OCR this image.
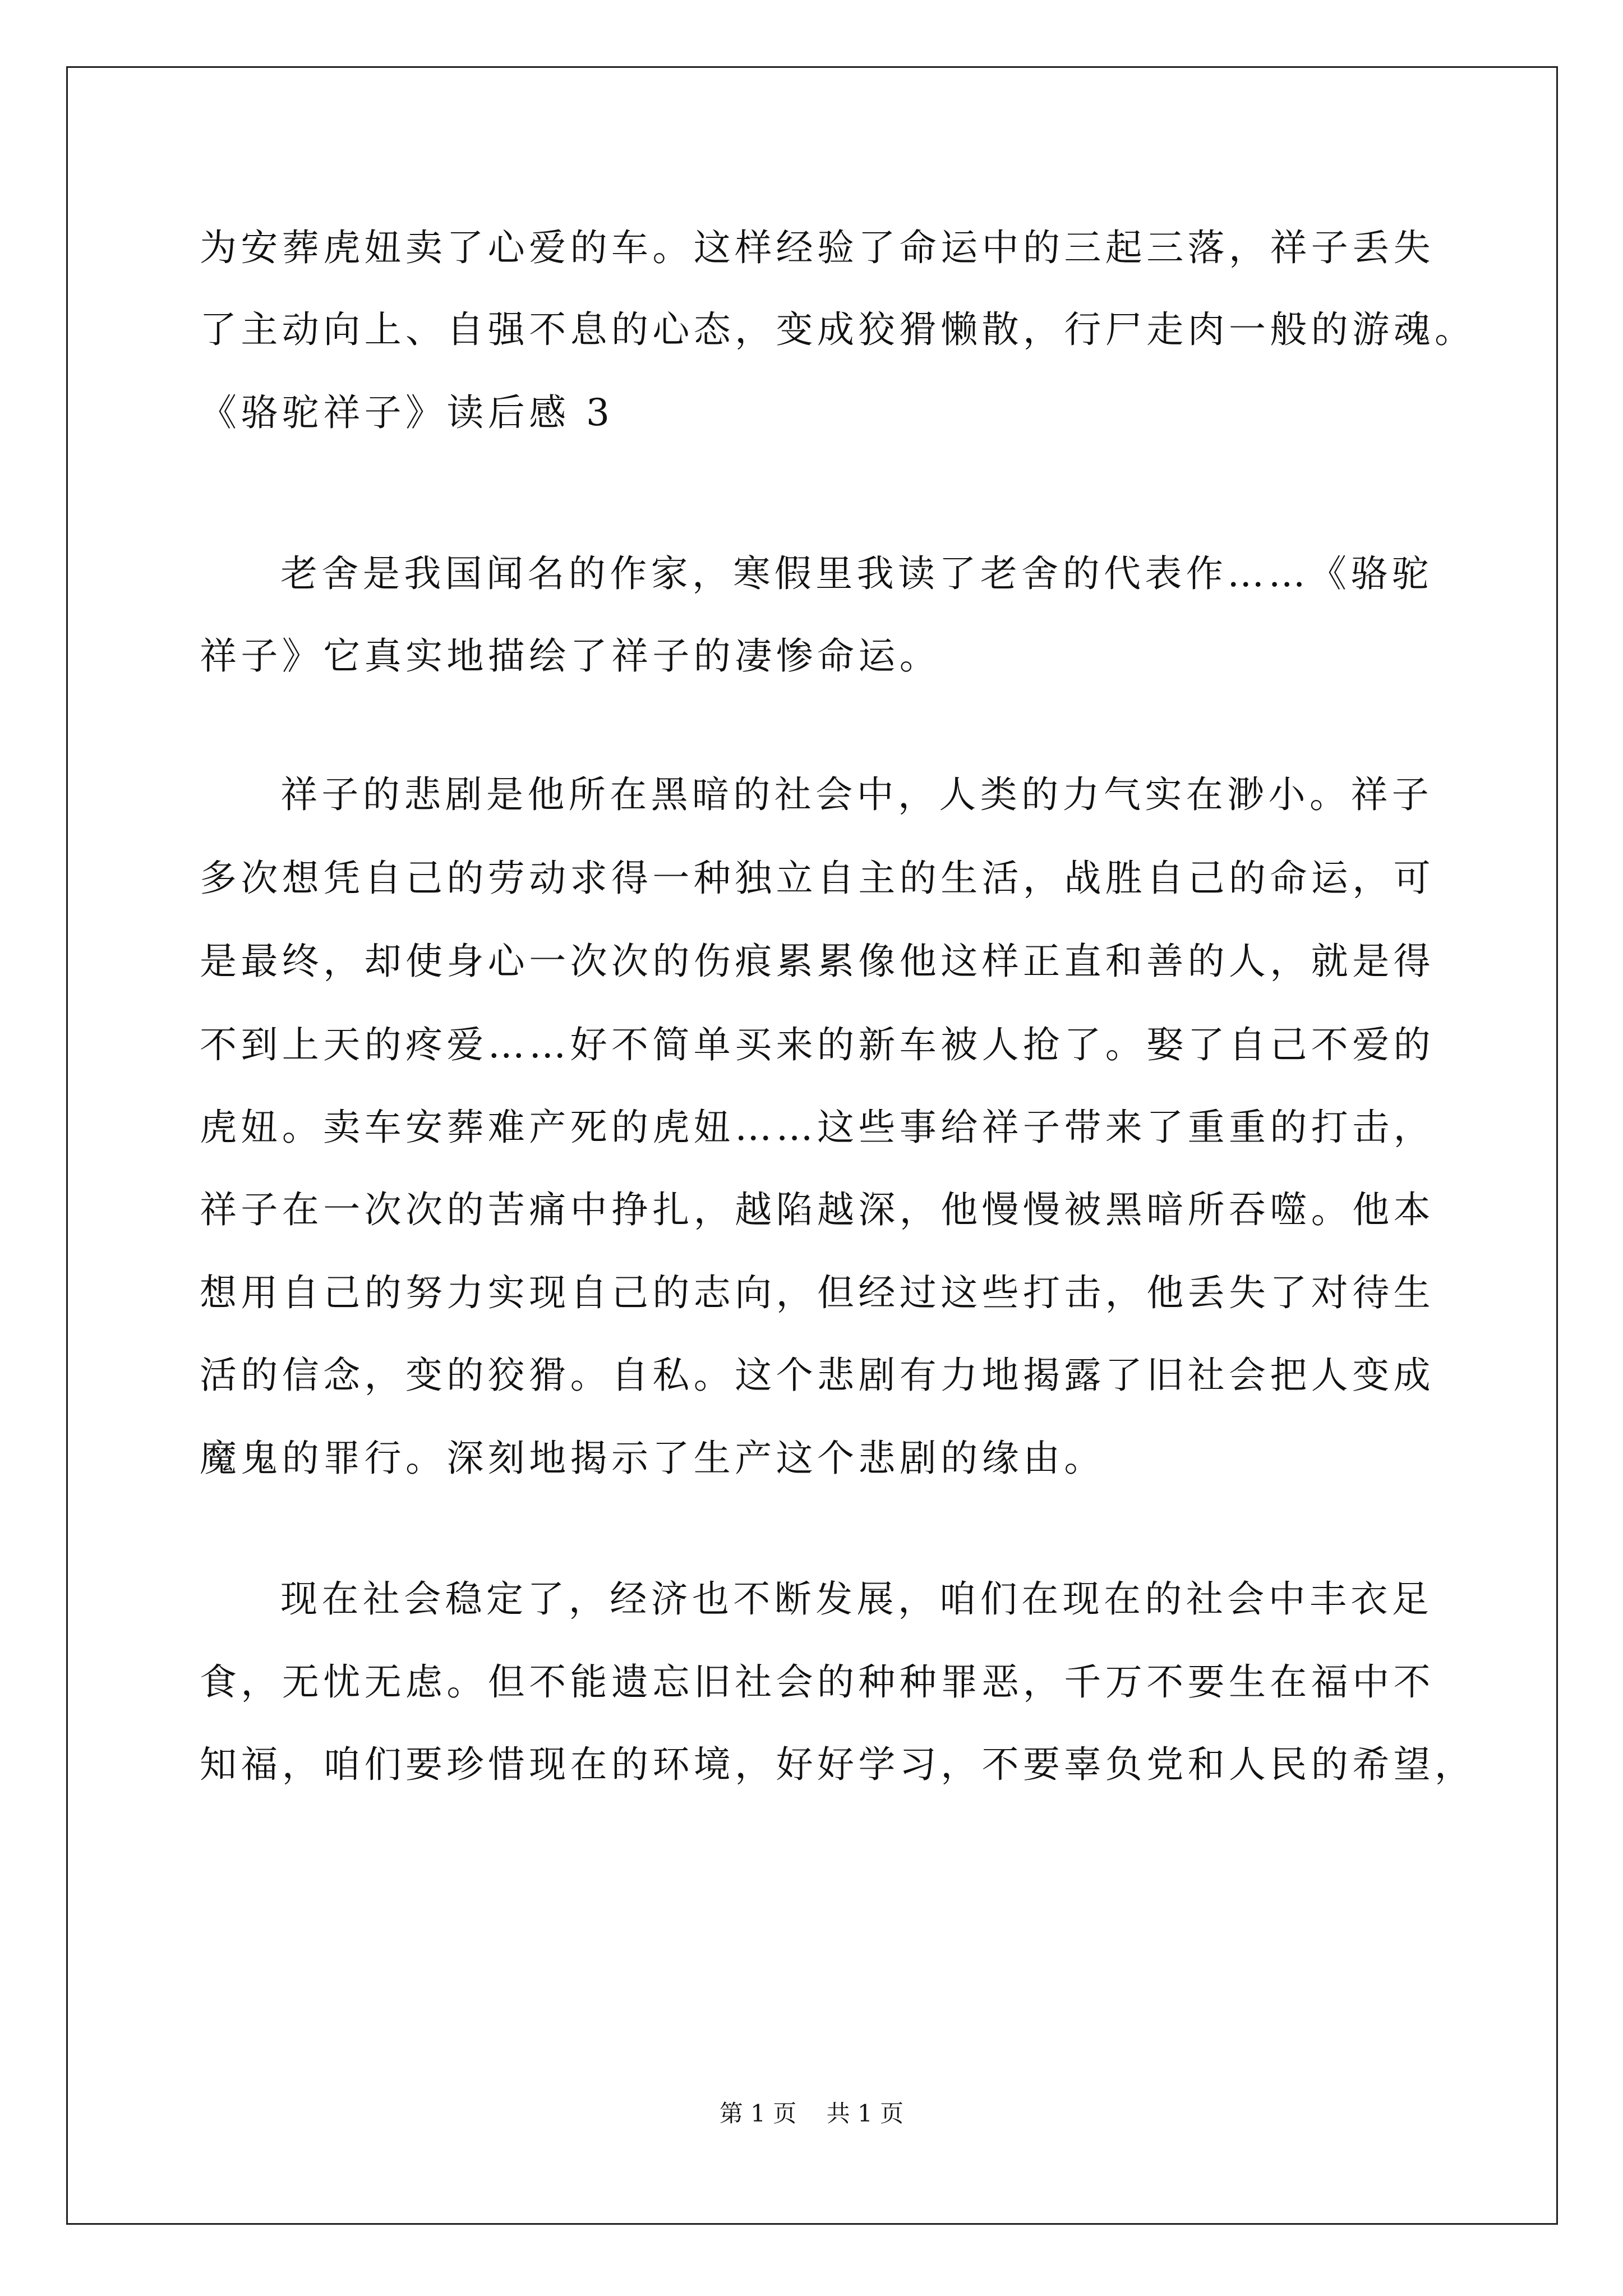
为安葬虎妞卖了心爱的车。这样经验了命运中的三起三落，祥子丢失
了主动向上、自强不息的心态，变成狡猾懒散，行尸走肉一般的游魂。
《骆驼祥子》读后感 3
老舍是我国闻名的作家，寒假里我读了老舍的代表作……《骆驼
祥子》它真实地描绘了祥子的凄惨命运。
祥子的悲剧是他所在黑暗的社会中，人类的力气实在渺小。祥子
多次想凭自己的劳动求得一种独立自主的生活，战胜自己的命运，可
是最终，却使身心一次次的伤痕累累像他这样正直和善的人，就是得
不到上天的疼爱……好不简单买来的新车被人抢了。娶了自己不爱的
虎妞。卖车安葬难产死的虎妞……这些事给祥子带来了重重的打击，
祥子在一次次的苦痛中挣扎，越陷越深，他慢慢被黑暗所吞噬。他本
想用自己的努力实现自己的志向，但经过这些打击，他丢失了对待生
活的信念，变的狡猾。自私。这个悲剧有力地揭露了旧社会把人变成
魔鬼的罪行。深刻地揭示了生产这个悲剧的缘由。
现在社会稳定了，经济也不断发展，咱们在现在的社会中丰衣足
食，无忧无虑。但不能遗忘旧社会的种种罪恶，千万不要生在福中不
知福，咱们要珍惜现在的环境，好好学习，不要辜负党和人民的希望，
第 1 页    共 1 页
